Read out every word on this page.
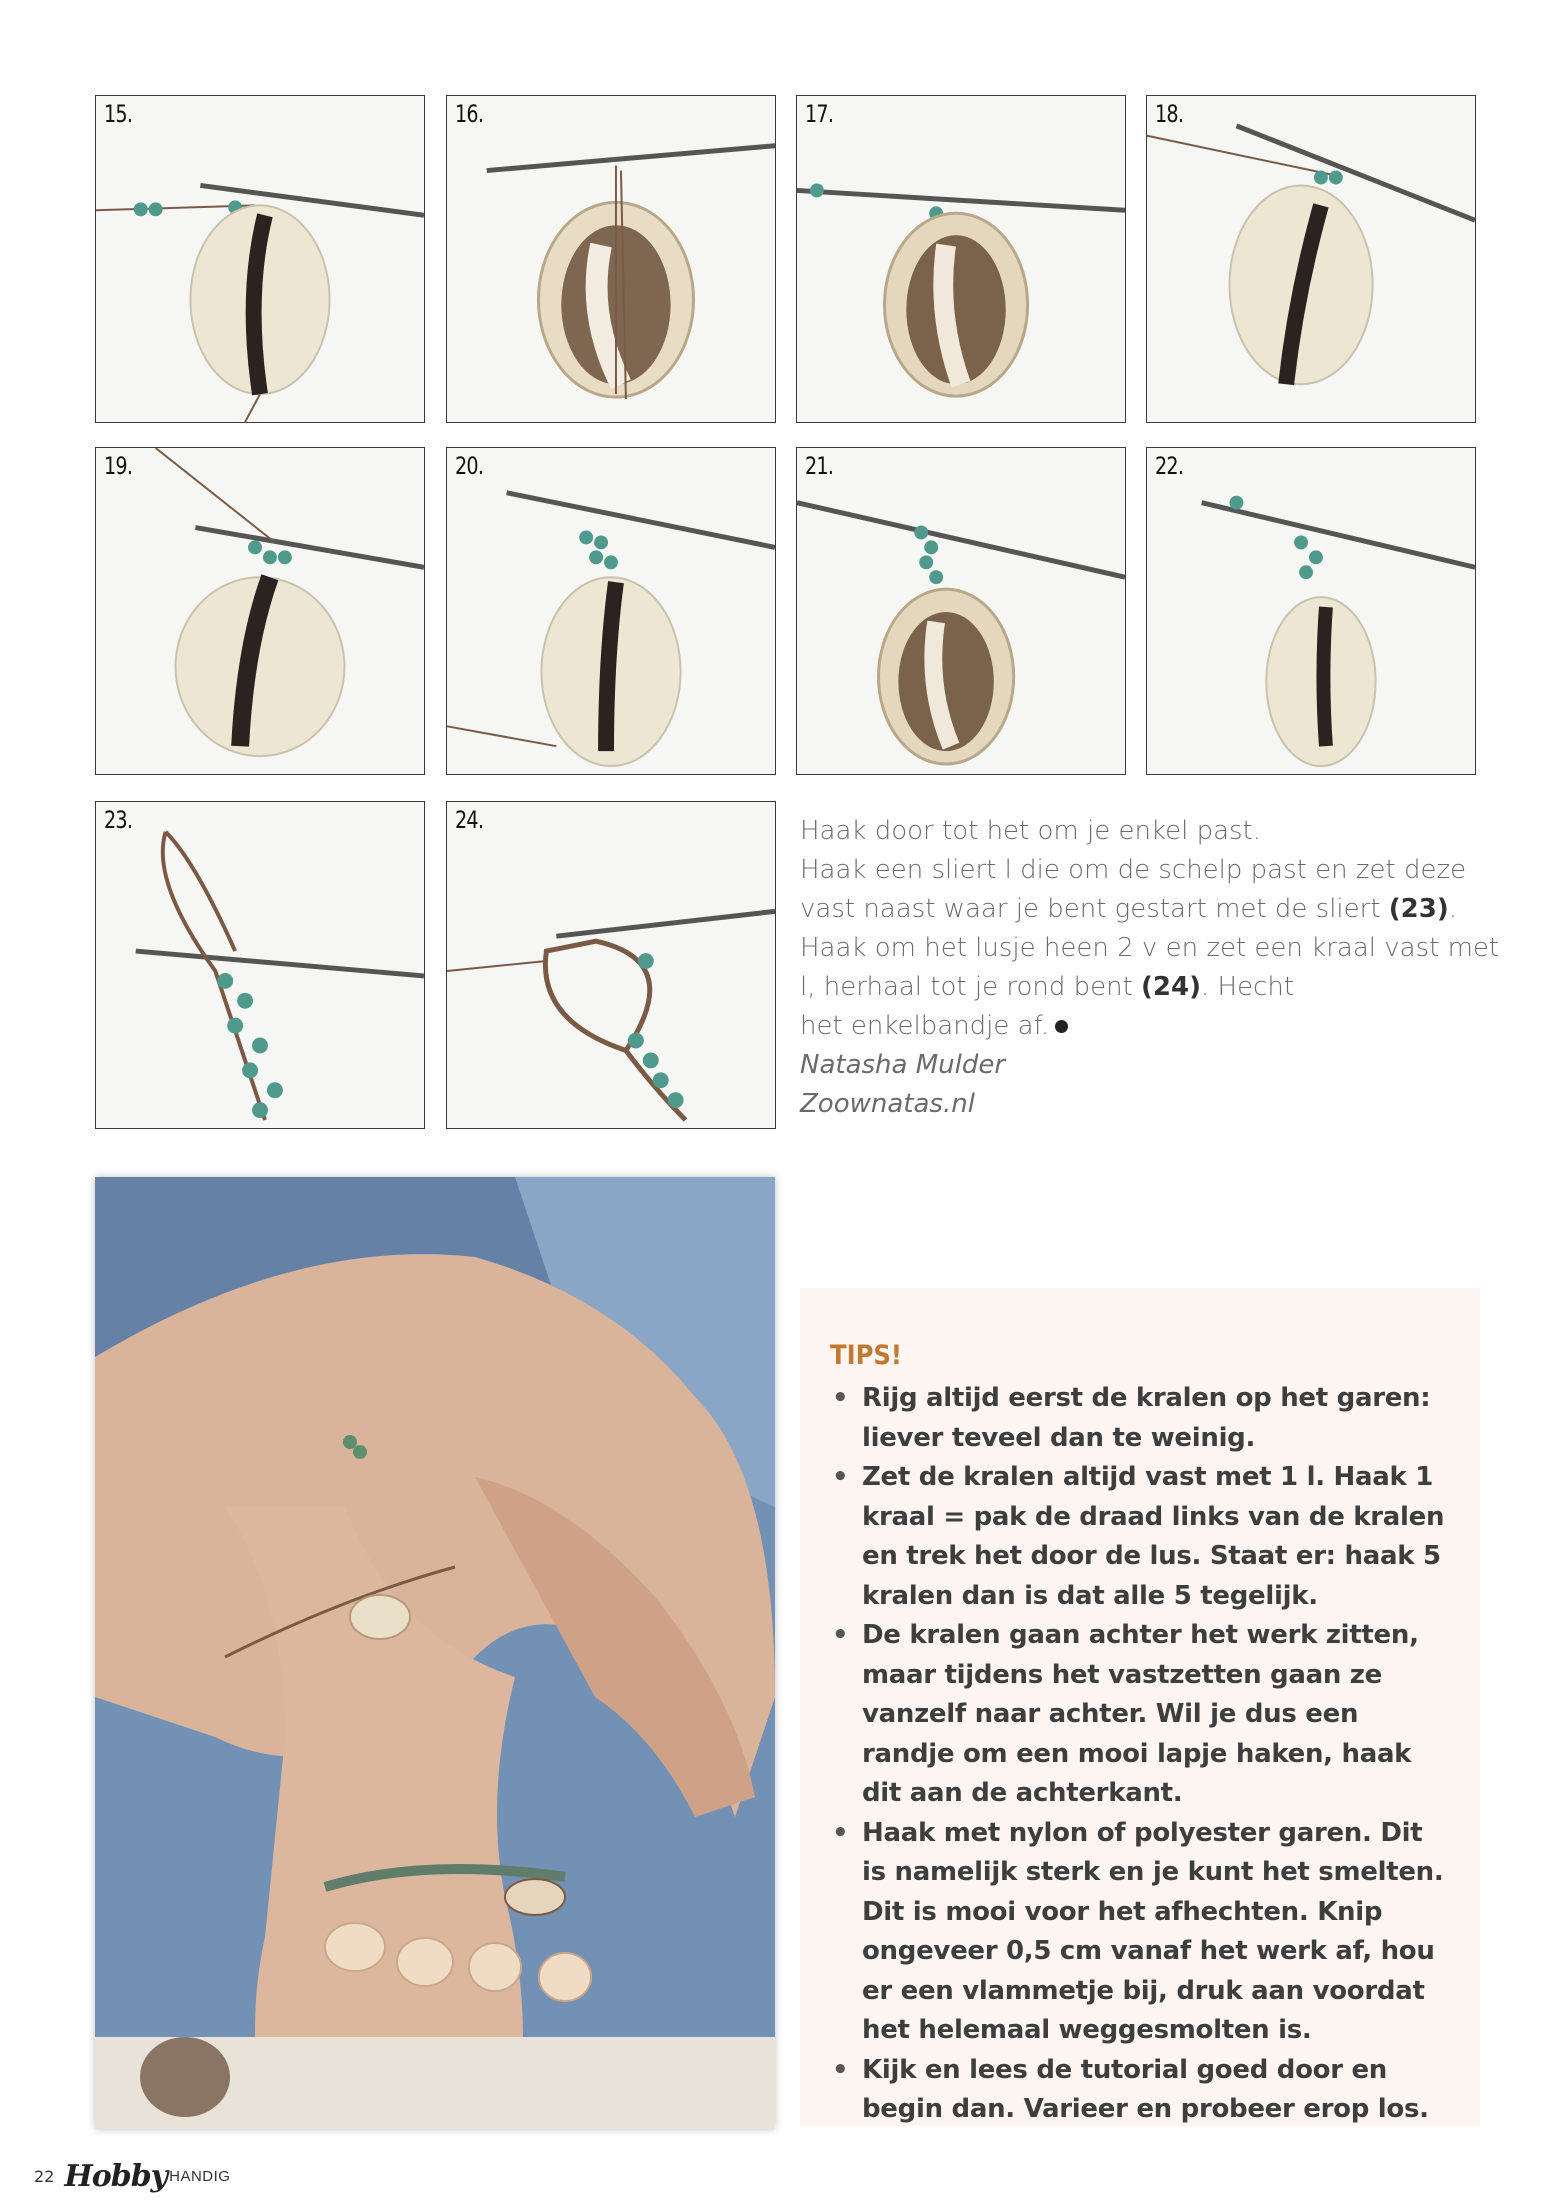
15.	16.	17.	18.
19.	20.	21.	22.
23.	24.	Haak door tot het om je enkel past.

Haak een sliert l die om de schelp past en zet deze vast naast waar je bent gestart met de sliert (23).

Haak om het lusje heen 2 v en zet een kraal vast met l, herhaal tot je rond bent (24). Hecht

het enkelbandje af.

Natasha Mulder

Zoownatas.nl

TIPS!
• Rijg altijd eerst de kralen op het garen: liever teveel dan te weinig.
• Zet de kralen altijd vast met 1 l. Haak 1 kraal = pak de draad links van de kralen en trek het door de lus. Staat er: haak 5 kralen dan is dat alle 5 tegelijk.
• De kralen gaan achter het werk zitten, maar tijdens het vastzetten gaan ze vanzelf naar achter. Wil je dus een randje om een mooi lapje haken, haak dit aan de achterkant.
• Haak met nylon of polyester garen. Dit is namelijk sterk en je kunt het smelten. Dit is mooi voor het afhechten. Knip ongeveer 0,5 cm vanaf het werk af, hou er een vlammetje bij, druk aan voordat het helemaal weggesmolten is.
• Kijk en lees de tutorial goed door en begin dan. Varieer en probeer erop los.
22 Hobby HANDIG
